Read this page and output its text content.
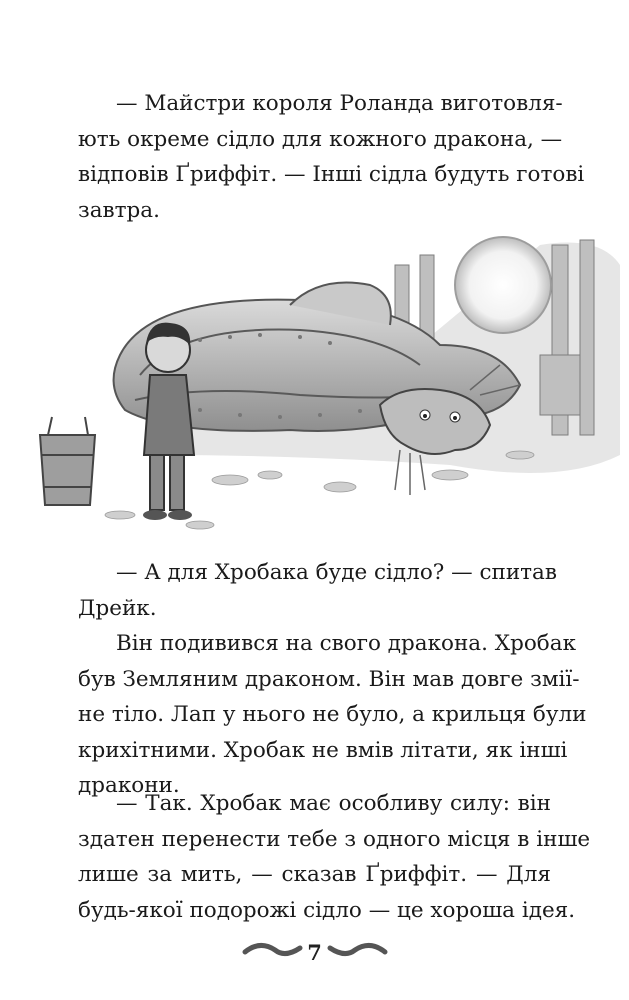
— Майстри короля Роланда виготовля-
ють окреме сідло для кожного дракона, —
відповів Ґриффіт. — Інші сідла будуть готові
завтра.
— А для Хробака буде сідло? — спитав
Дрейк.
Він подивився на свого дракона. Хробак
був Земляним драконом. Він мав довге змії-
не тіло. Лап у нього не було, а крильця були
крихітними. Хробак не вмів літати, як інші
дракони.
— Так. Хробак має особливу силу: він
здатен перенести тебе з одного місця в інше
лише за мить, — сказав Ґриффіт. — Для
будь-якої подорожі сідло — це хороша ідея.
7
